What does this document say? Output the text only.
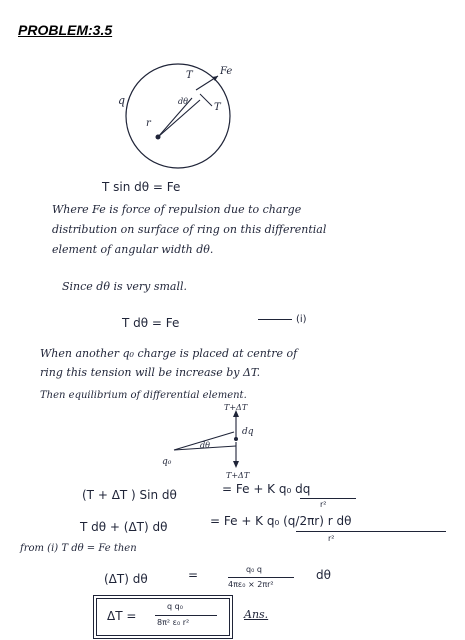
PROBLEM:3.5
T	Fe
T
q
r
dθ
T sin dθ = Fe
Where Fe is force of repulsion due to charge
distribution on surface of ring on this differential
element of angular width dθ.
Since dθ is very small.
T dθ = Fe	(i)
When another q₀ charge is placed at centre of
ring this tension will be increase by ΔT.
Then equilibrium of differential element.
T+ΔT
dq
dθ
q₀
T+ΔT
(T + ΔT ) Sin dθ	= Fe + K q₀ dq
r²
T dθ + (ΔT) dθ	= Fe + K q₀ (q/2πr) r dθ
r²
from (i) T dθ = Fe then
(ΔT) dθ	=	q₀ q
4πε₀ × 2πr²
dθ
ΔT =
q q₀
8π² ε₀ r²
Ans.
